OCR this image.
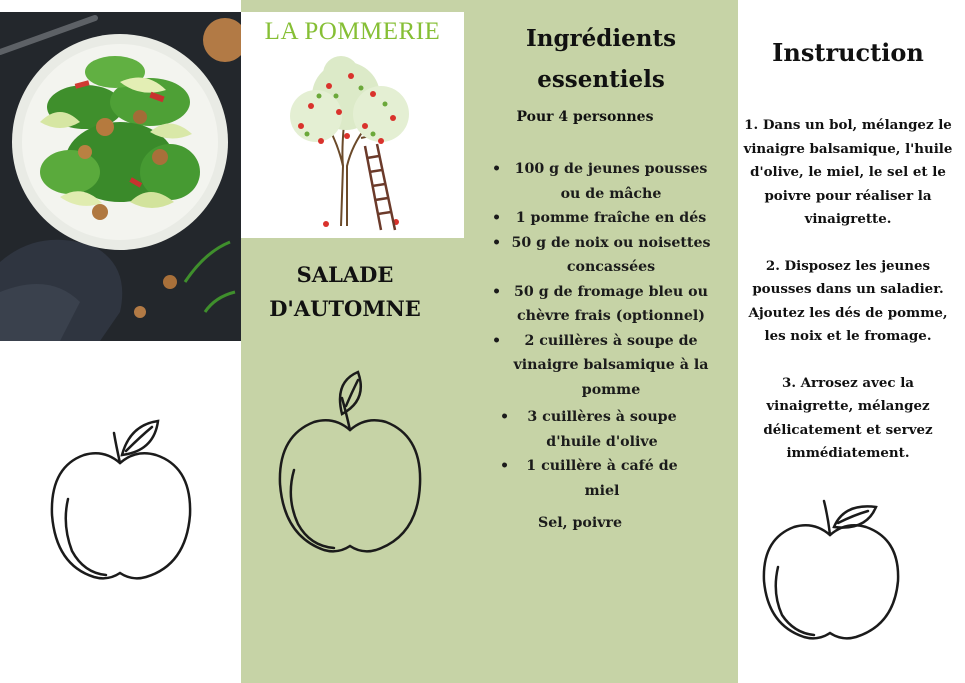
LA POMMERIE
SALADE
D'AUTOMNE
Ingrédients
essentiels
Pour 4 personnes
• 100 g de jeunes pousses ou de mâche
• 1 pomme fraîche en dés
• 50 g de noix ou noisettes concassées
• 50 g de fromage bleu ou chèvre frais (optionnel)
• 2 cuillères à soupe de vinaigre balsamique à la pomme
• 3 cuillères à soupe d'huile d'olive
• 1 cuillère à café de miel
Sel, poivre
Instruction

1. Dans un bol, mélangez le vinaigre balsamique, l'huile d'olive, le miel, le sel et le poivre pour réaliser la vinaigrette.

2. Disposez les jeunes pousses dans un saladier. Ajoutez les dés de pomme, les noix et le fromage.

3. Arrosez avec la vinaigrette, mélangez délicatement et servez immédiatement.
